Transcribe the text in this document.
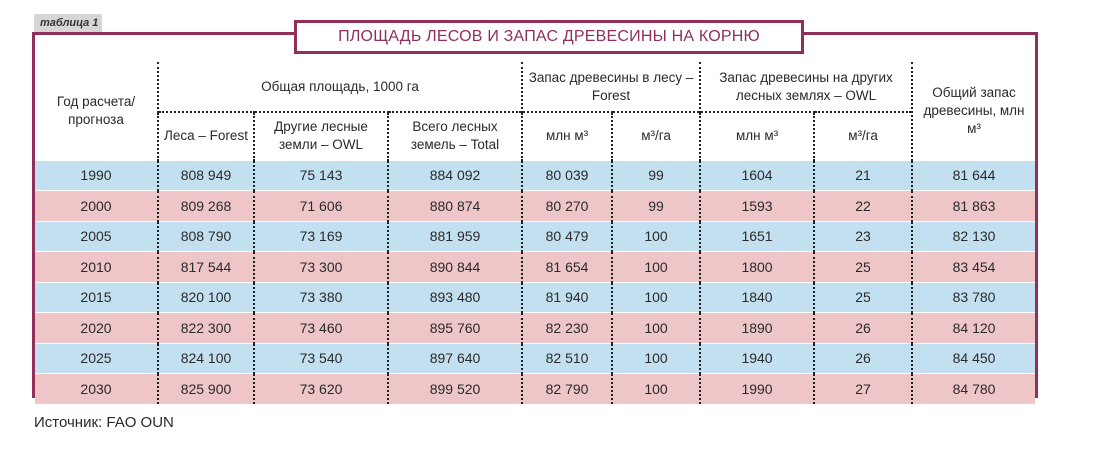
таблица 1
ПЛОЩАДЬ ЛЕСОВ И ЗАПАС ДРЕВЕСИНЫ НА КОРНЮ
Год расчета/ прогноза	Общая площадь, 1000 га			Запас древесины в лесу – Forest		Запас древесины на других лесных землях – OWL		Общий запас древесины, млн м³
	Леса – Forest	Другие лесные земли – OWL	Всего лесных земель – Total	млн м³	м³/га	млн м³	м³/га	
1990	808 949	75 143	884 092	80 039	99	1604	21	81 644
2000	809 268	71 606	880 874	80 270	99	1593	22	81 863
2005	808 790	73 169	881 959	80 479	100	1651	23	82 130
2010	817 544	73 300	890 844	81 654	100	1800	25	83 454
2015	820 100	73 380	893 480	81 940	100	1840	25	83 780
2020	822 300	73 460	895 760	82 230	100	1890	26	84 120
2025	824 100	73 540	897 640	82 510	100	1940	26	84 450
2030	825 900	73 620	899 520	82 790	100	1990	27	84 780
Источник: FAO OUN
